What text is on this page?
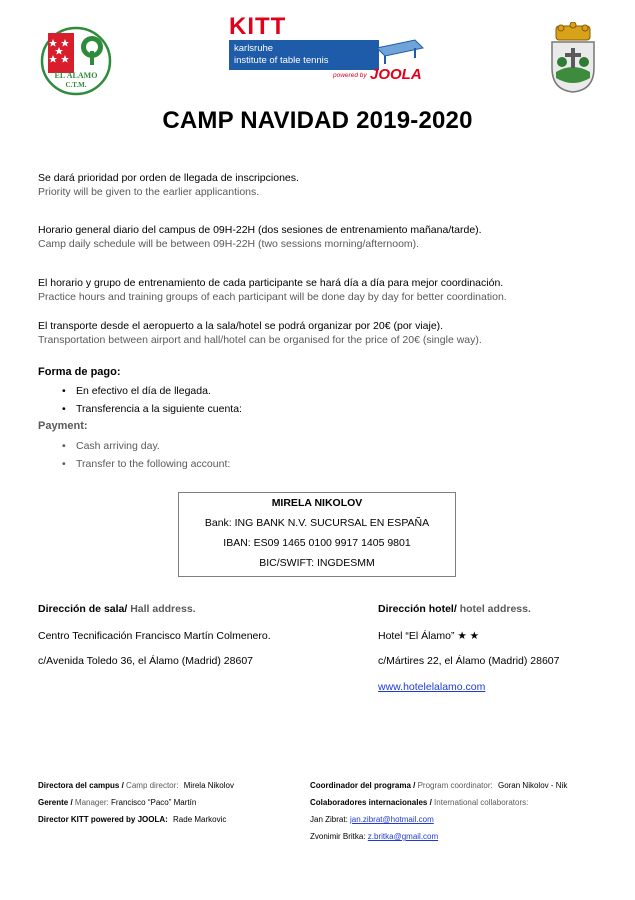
EL ÁLAMO
C.T.M.
KITT
karlsruhe
institute of table tennis
powered by JOOLA
CAMP NAVIDAD 2019-2020
Se dará prioridad por orden de llegada de inscripciones.
Priority will be given to the earlier applicantions.
Horario general diario del campus de 09H-22H (dos sesiones de entrenamiento mañana/tarde).
Camp daily schedule will be between 09H-22H (two sessions morning/afternoom).
El horario y grupo de entrenamiento de cada participante se hará día a día para mejor coordinación.
Practice hours and training groups of each participant will be done day by day for better coordination.
El transporte desde el aeropuerto a la sala/hotel se podrá organizar por 20€ (por viaje).
Transportation between airport and hall/hotel can be organised for the price of 20€ (single way).
Forma de pago:
• En efectivo el día de llegada.
• Transferencia a la siguiente cuenta:
Payment:
• Cash arriving day.
• Transfer to the following account:
MIRELA NIKOLOV
Bank: ING BANK N.V. SUCURSAL EN ESPAÑA
IBAN: ES09 1465 0100 9917 1405 9801
BIC/SWIFT: INGDESMM
Dirección de sala/ Hall address.
Centro Tecnificación Francisco Martín Colmenero.
c/Avenida Toledo 36, el Álamo (Madrid) 28607
Dirección hotel/ hotel address.
Hotel “El Álamo” ★ ★
c/Mártires 22, el Álamo (Madrid) 28607
www.hotelelalamo.com
Directora del campus / Camp director: Mirela Nikolov
Gerente / Manager: Francisco “Paco” Martín
Director KITT powered by JOOLA: Rade Markovic
Coordinador del programa / Program coordinator: Goran Nikolov - Nik
Colaboradores internacionales / International collaborators:
Jan Zibrat: jan.zibrat@hotmail.com
Zvonimir Britka: z.britka@gmail.com
